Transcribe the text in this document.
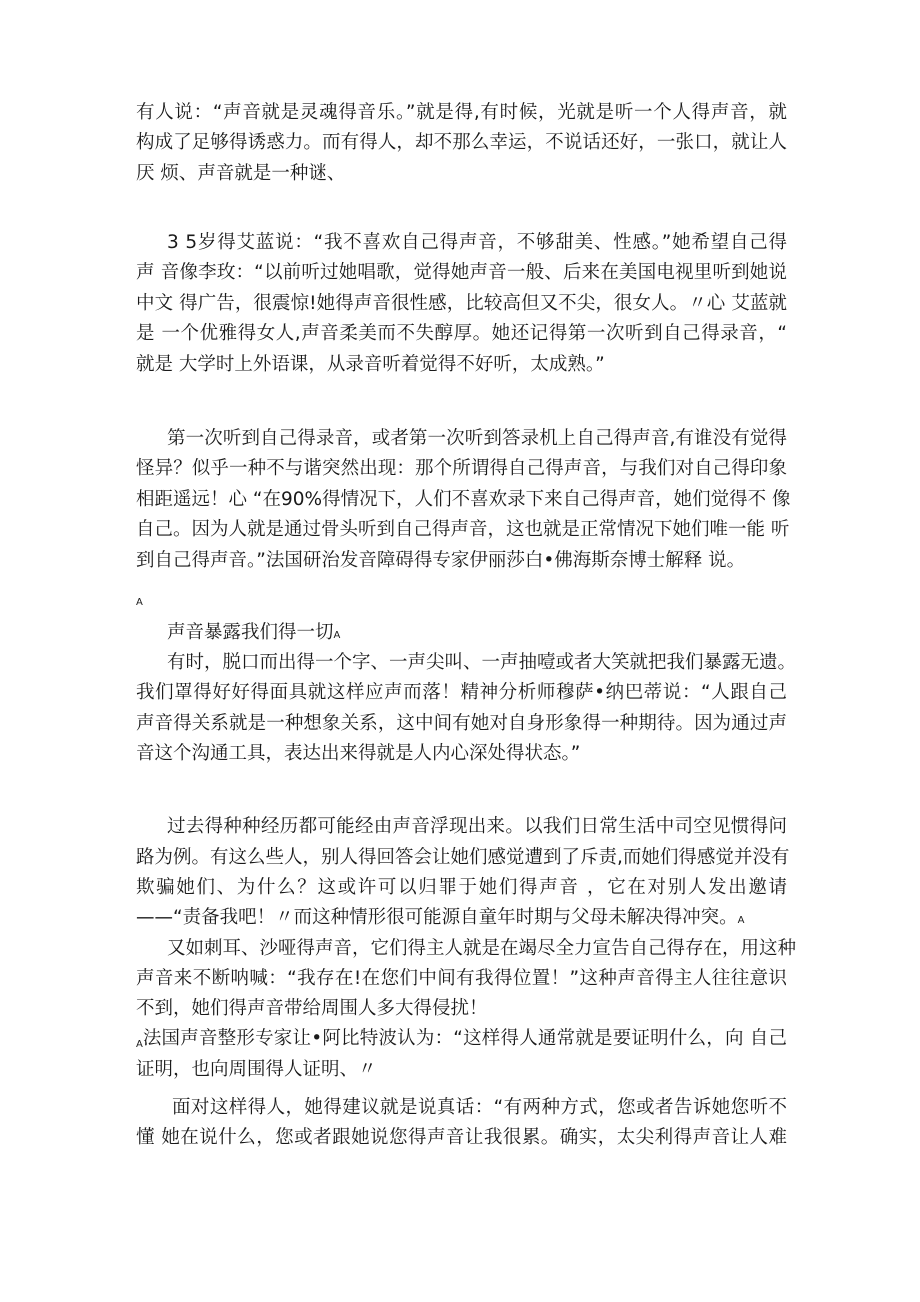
有人说：“声音就是灵魂得音乐。”就是得,有时候，光就是听一个人得声音，就
构成了足够得诱惑力。而有得人，却不那么幸运，不说话还好，一张口，就让人
厌 烦、声音就是一种谜、
3 5岁得艾蓝说：“我不喜欢自己得声音，不够甜美、性感。”她希望自己得
声 音像李玫：“以前听过她唱歌，觉得她声音一般、后来在美国电视里听到她说
中文 得广告，很震惊!她得声音很性感，比较高但又不尖，很女人。〃心 艾蓝就
是 一个优雅得女人,声音柔美而不失醇厚。她还记得第一次听到自己得录音，“
就是 大学时上外语课，从录音听着觉得不好听，太成熟。”
第一次听到自己得录音，或者第一次听到答录机上自己得声音,有谁没有觉得
怪异？似乎一种不与谐突然出现：那个所谓得自己得声音，与我们对自己得印象
相距遥远！心 “在90%得情况下，人们不喜欢录下来自己得声音，她们觉得不 像
自己。因为人就是通过骨头听到自己得声音，这也就是正常情况下她们唯一能 听
到自己得声音。”法国研治发音障碍得专家伊丽莎白•佛海斯奈博士解释 说。
A
声音暴露我们得一切A
有时，脱口而出得一个字、一声尖叫、一声抽噎或者大笑就把我们暴露无遗。
我们罩得好好得面具就这样应声而落！精神分析师穆萨•纳巴蒂说：“人跟自己
声音得关系就是一种想象关系，这中间有她对自身形象得一种期待。因为通过声
音这个沟通工具，表达出来得就是人内心深处得状态。”
过去得种种经历都可能经由声音浮现出来。以我们日常生活中司空见惯得问
路为例。有这么些人，别人得回答会让她们感觉遭到了斥责,而她们得感觉并没有
欺骗她们、为什么？这或许可以归罪于她们得声音 ，它在对别人发出邀请
——“责备我吧！〃而这种情形很可能源自童年时期与父母未解决得冲突。A
又如刺耳、沙哑得声音，它们得主人就是在竭尽全力宣告自己得存在，用这种
声音来不断呐喊：“我存在!在您们中间有我得位置！”这种声音得主人往往意识
不到，她们得声音带给周围人多大得侵扰！
A 法国声音整形专家让•阿比特波认为：“这样得人通常就是要证明什么，向 自己
证明，也向周围得人证明、〃
面对这样得人，她得建议就是说真话：“有两种方式，您或者告诉她您听不
懂 她在说什么，您或者跟她说您得声音让我很累。确实，太尖利得声音让人难
